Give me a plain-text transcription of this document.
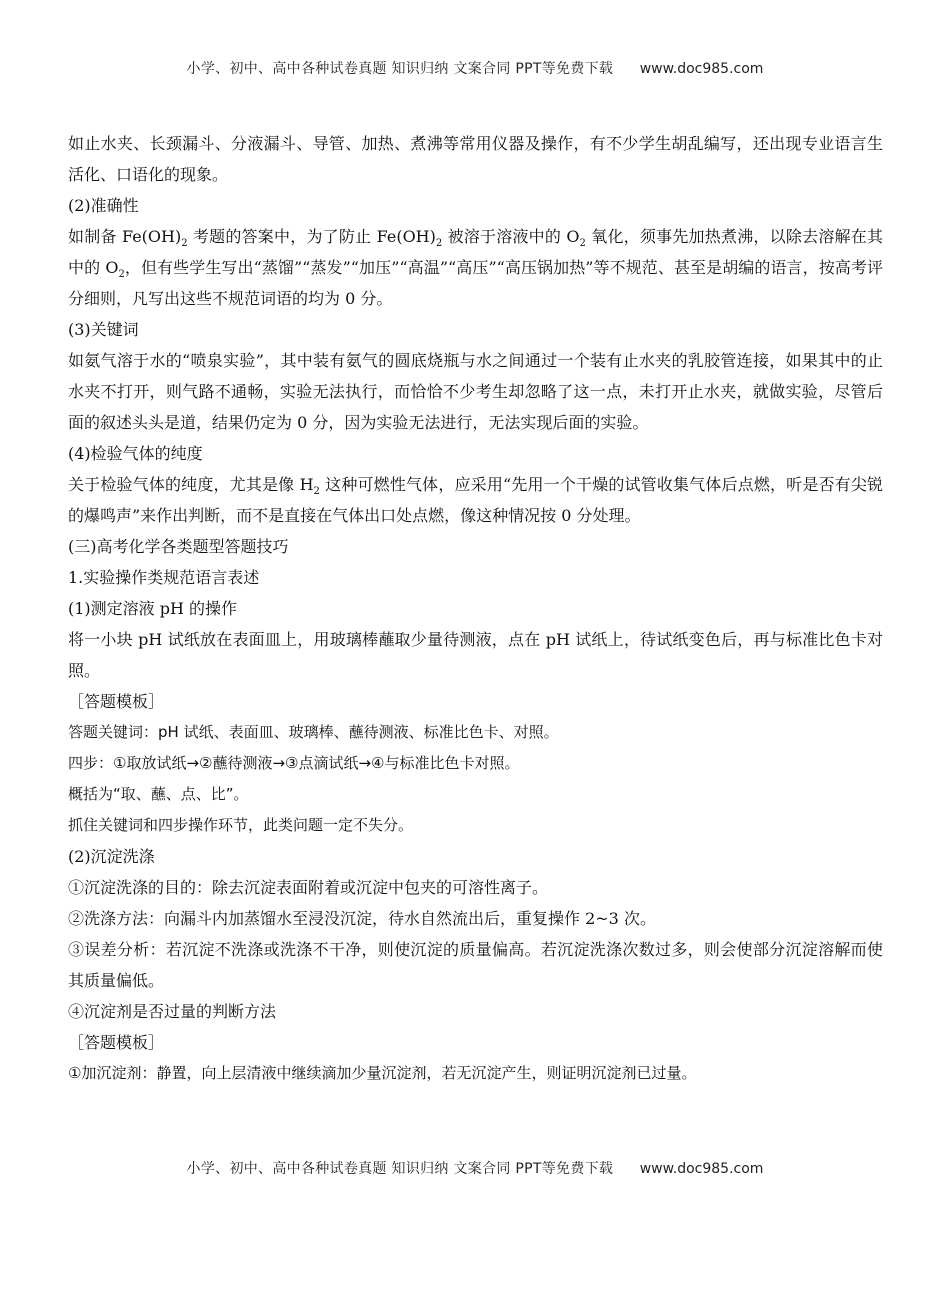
小学、初中、高中各种试卷真题 知识归纳 文案合同 PPT等免费下载 www.doc985.com

如止水夹、长颈漏斗、分液漏斗、导管、加热、煮沸等常用仪器及操作，有不少学生胡乱编写，还出现专业语言生活化、口语化的现象。

(2)准确性

如制备 $Fe(OH)_2$ 考题的答案中，为了防止 $Fe(OH)_2$ 被溶于溶液中的 $O_2$ 氧化，须事先加热煮沸，以除去溶解在其中的 $O_2$，但有些学生写出“蒸馏”“蒸发”“加压”“高温”“高压”“高压锅加热”等不规范、甚至是胡编的语言，按高考评分细则，凡写出这些不规范词语的均为 0 分。

(3)关键词

如氨气溶于水的“喷泉实验”，其中装有氨气的圆底烧瓶与水之间通过一个装有止水夹的乳胶管连接，如果其中的止水夹不打开，则气路不通畅，实验无法执行，而恰恰不少考生却忽略了这一点，未打开止水夹，就做实验，尽管后面的叙述头头是道，结果仍定为 0 分，因为实验无法进行，无法实现后面的实验。

(4)检验气体的纯度

关于检验气体的纯度，尤其是像 $H_2$ 这种可燃性气体，应采用“先用一个干燥的试管收集气体后点燃，听是否有尖锐的爆鸣声”来作出判断，而不是直接在气体出口处点燃，像这种情况按 0 分处理。

(三)高考化学各类题型答题技巧

1.实验操作类规范语言表述

(1)测定溶液 pH 的操作

将一小块 pH 试纸放在表面皿上，用玻璃棒蘸取少量待测液，点在 pH 试纸上，待试纸变色后，再与标准比色卡对照。

［答题模板］

答题关键词：pH 试纸、表面皿、玻璃棒、蘸待测液、标准比色卡、对照。

四步：①取放试纸→②蘸待测液→③点滴试纸→④与标准比色卡对照。

概括为“取、蘸、点、比”。

抓住关键词和四步操作环节，此类问题一定不失分。

(2)沉淀洗涤

①沉淀洗涤的目的：除去沉淀表面附着或沉淀中包夹的可溶性离子。

②洗涤方法：向漏斗内加蒸馏水至浸没沉淀，待水自然流出后，重复操作 2~3 次。

③误差分析：若沉淀不洗涤或洗涤不干净，则使沉淀的质量偏高。若沉淀洗涤次数过多，则会使部分沉淀溶解而使其质量偏低。

④沉淀剂是否过量的判断方法

［答题模板］

①加沉淀剂：静置，向上层清液中继续滴加少量沉淀剂，若无沉淀产生，则证明沉淀剂已过量。

小学、初中、高中各种试卷真题 知识归纳 文案合同 PPT等免费下载 www.doc985.com
